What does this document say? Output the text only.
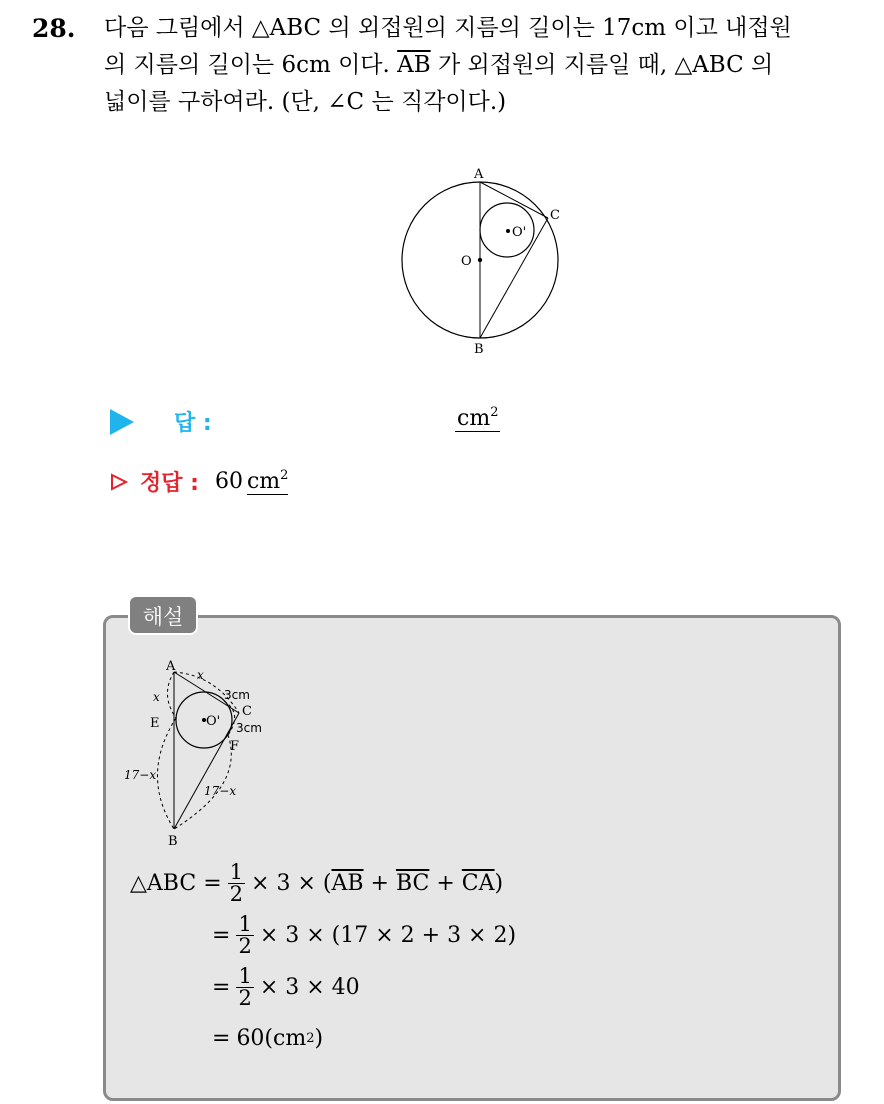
28. 다음 그림에서 △ABC 의 외접원의 지름의 길이는 17cm 이고 내접원
의 지름의 길이는 6cm 이다. $\overline{AB}$ 가 외접원의 지름일 때, △ABC 의
넓이를 구하여라. (단, ∠C 는 직각이다.)
A
B
C
O
O'
답 :	$cm^2$
정답 : 60 $cm^2$
해설
A
B
C
E
F
O'
x
x	3cm
3cm
17−x
17−x
△ABC = $\frac{1}{2} \times 3$ × ( $\overline{AB} + \overline{BC} + \overline{CA}$ )
= $\frac{1}{2} \times 3 \times (17 \times 2 + 3 \times 2)$
= $\frac{1}{2} \times 3 \times 40$
= 60(cm 2 )
